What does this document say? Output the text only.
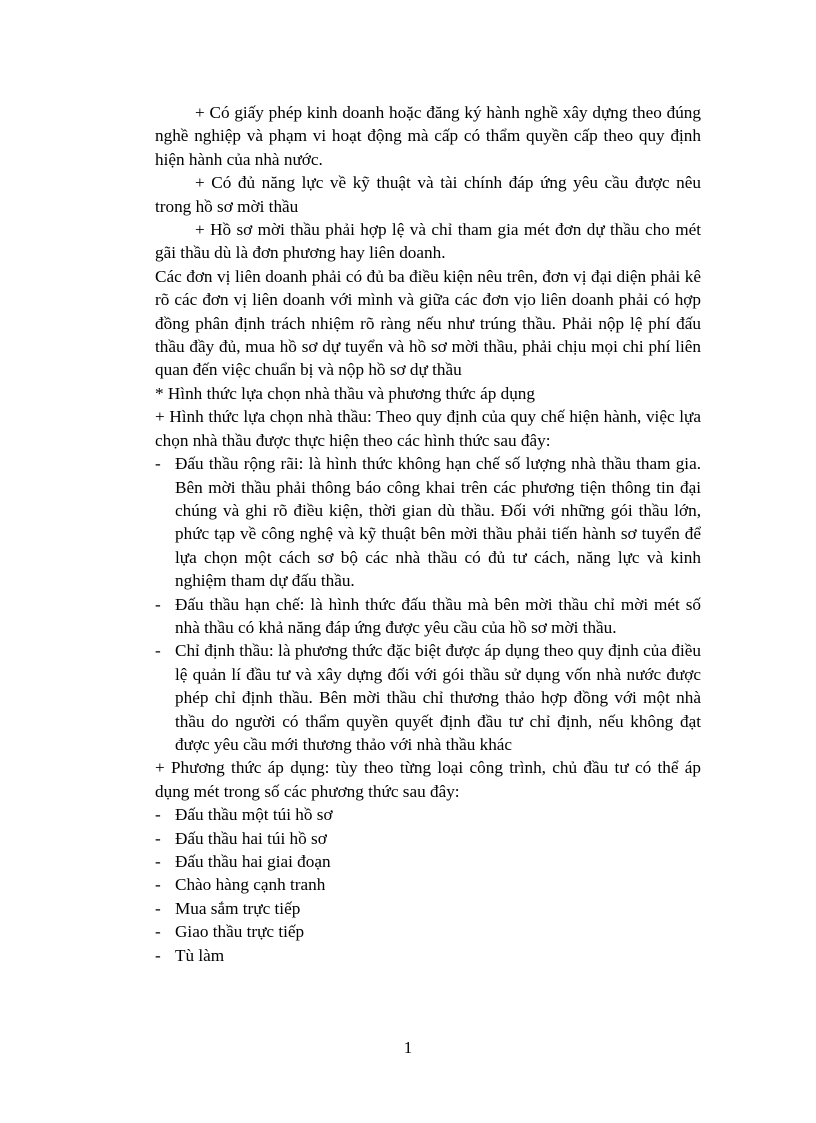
+ Có giấy phép kinh doanh hoặc đăng ký hành nghề xây dựng theo đúng nghề nghiệp và phạm vi hoạt động mà cấp có thẩm quyền cấp theo quy định hiện hành của nhà nước.

+ Có đủ năng lực về kỹ thuật và tài chính đáp ứng yêu cầu được nêu trong hồ sơ mời thầu

+ Hồ sơ mời thầu phải hợp lệ và chỉ tham gia mét đơn dự thầu cho mét gãi thầu dù là đơn phương hay liên doanh.

Các đơn vị liên doanh phải có đủ ba điều kiện nêu trên, đơn vị đại diện phải kê rõ các đơn vị liên doanh với mình và giữa các đơn vịo liên doanh phải có hợp đồng phân định trách nhiệm rõ ràng nếu như trúng thầu. Phải nộp lệ phí đấu thầu đầy đủ, mua hồ sơ dự tuyển và hồ sơ mời thầu, phải chịu mọi chi phí liên quan đến việc chuẩn bị và nộp hồ sơ dự thầu

* Hình thức lựa chọn nhà thầu và phương thức áp dụng

+ Hình thức lựa chọn nhà thầu: Theo quy định của quy chế hiện hành, việc lựa chọn nhà thầu được thực hiện theo các hình thức sau đây:

- Đấu thầu rộng rãi: là hình thức không hạn chế số lượng nhà thầu tham gia. Bên mời thầu phải thông báo công khai trên các phương tiện thông tin đại chúng và ghi rõ điều kiện, thời gian dù thầu. Đối với những gói thầu lớn, phức tạp về công nghệ và kỹ thuật bên mời thầu phải tiến hành sơ tuyển để lựa chọn một cách sơ bộ các nhà thầu có đủ tư cách, năng lực và kinh nghiệm tham dự đấu thầu.
- Đấu thầu hạn chế: là hình thức đấu thầu mà bên mời thầu chỉ mời mét số nhà thầu có khả năng đáp ứng được yêu cầu của hồ sơ mời thầu.
- Chỉ định thầu: là phương thức đặc biệt được áp dụng theo quy định của điều lệ quản lí đầu tư và xây dựng đối với gói thầu sử dụng vốn nhà nước được phép chỉ định thầu. Bên mời thầu chỉ thương thảo hợp đồng với một nhà thầu do người có thẩm quyền quyết định đầu tư chỉ định, nếu không đạt được yêu cầu mới thương thảo với nhà thầu khác

+ Phương thức áp dụng: tùy theo từng loại công trình, chủ đầu tư có thể áp dụng mét trong số các phương thức sau đây:

- Đấu thầu một túi hồ sơ
- Đấu thầu hai túi hồ sơ
- Đấu thầu hai giai đoạn
- Chào hàng cạnh tranh
- Mua sắm trực tiếp
- Giao thầu trực tiếp
- Tù làm
1
